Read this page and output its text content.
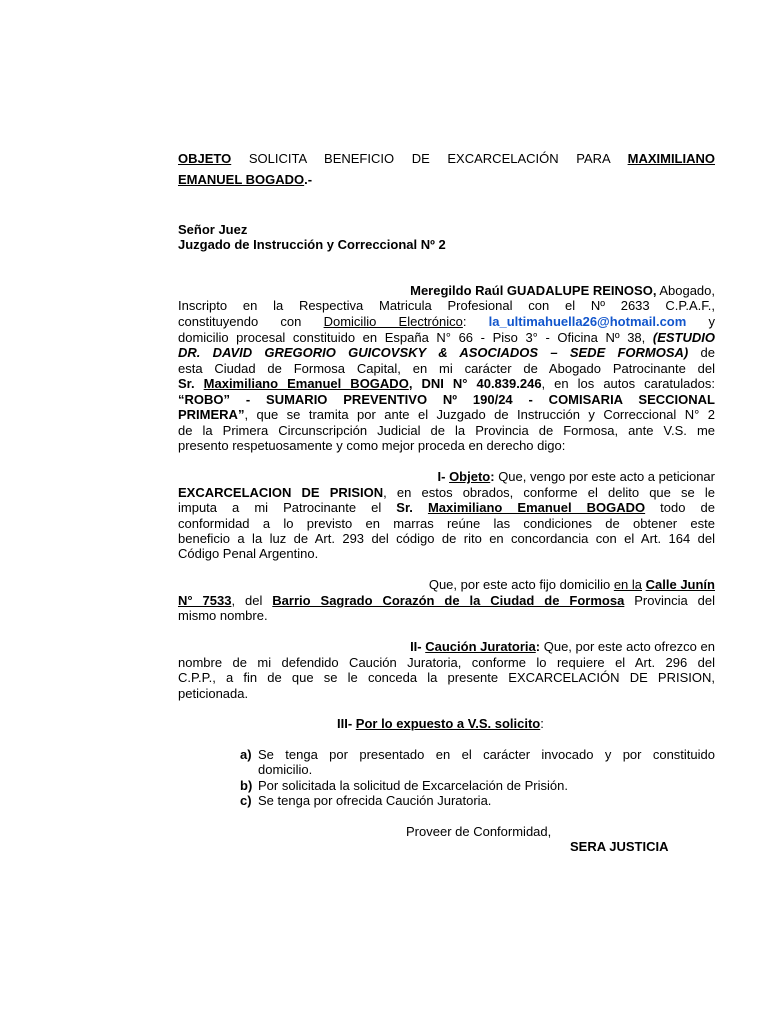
OBJETO SOLICITA BENEFICIO DE EXCARCELACIÓN PARA MAXIMILIANO
EMANUEL BOGADO.-
Señor Juez
Juzgado de Instrucción y Correccional Nº 2
Meregildo Raúl GUADALUPE REINOSO, Abogado,
Inscripto en la Respectiva Matricula Profesional con el Nº 2633 C.P.A.F.,
constituyendo con Domicilio Electrónico: la_ultimahuella26@hotmail.com y
domicilio procesal constituido en España N° 66 - Piso 3° - Oficina Nº 38, (ESTUDIO
DR. DAVID GREGORIO GUICOVSKY & ASOCIADOS – SEDE FORMOSA) de
esta Ciudad de Formosa Capital, en mi carácter de Abogado Patrocinante del
Sr. Maximiliano Emanuel BOGADO, DNI N° 40.839.246, en los autos caratulados:
“ROBO” - SUMARIO PREVENTIVO Nº 190/24 - COMISARIA SECCIONAL
PRIMERA”, que se tramita por ante el Juzgado de Instrucción y Correccional N° 2
de la Primera Circunscripción Judicial de la Provincia de Formosa, ante V.S. me
presento respetuosamente y como mejor proceda en derecho digo:
I- Objeto: Que, vengo por este acto a peticionar
EXCARCELACION DE PRISION, en estos obrados, conforme el delito que se le
imputa a mi Patrocinante el Sr. Maximiliano Emanuel BOGADO todo de
conformidad a lo previsto en marras reúne las condiciones de obtener este
beneficio a la luz de Art. 293 del código de rito en concordancia con el Art. 164 del
Código Penal Argentino.
Que, por este acto fijo domicilio en la Calle Junín
N° 7533, del Barrio Sagrado Corazón de la Ciudad de Formosa Provincia del
mismo nombre.
II- Caución Juratoria: Que, por este acto ofrezco en
nombre de mi defendido Caución Juratoria, conforme lo requiere el Art. 296 del
C.P.P., a fin de que se le conceda la presente EXCARCELACIÓN DE PRISION,
peticionada.
III- Por lo expuesto a V.S. solicito:
a) Se tenga por presentado en el carácter invocado y por constituido
domicilio.
b) Por solicitada la solicitud de Excarcelación de Prisión.
c) Se tenga por ofrecida Caución Juratoria.
Proveer de Conformidad,
SERA JUSTICIA
